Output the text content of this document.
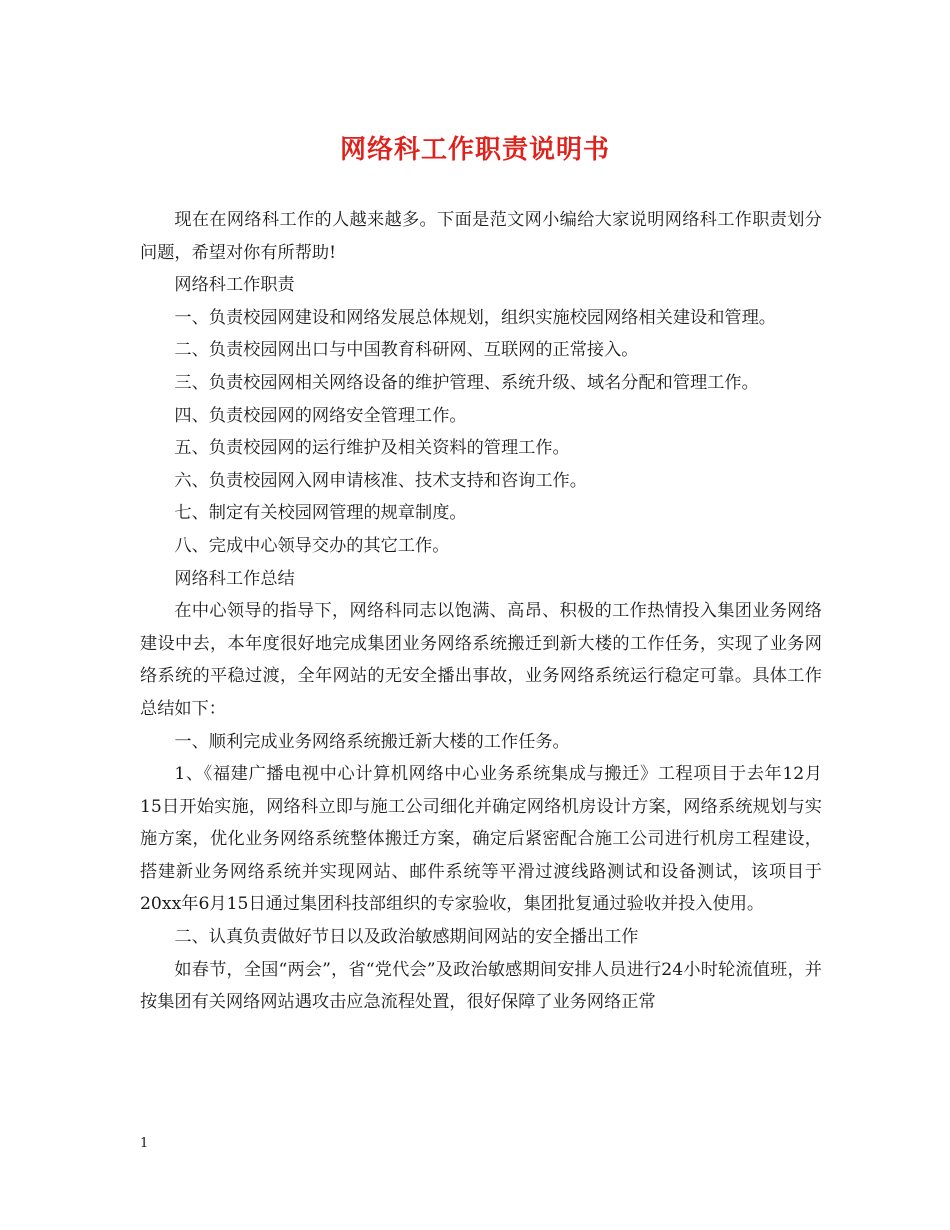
网络科工作职责说明书

现在在网络科工作的人越来越多。下面是范文网小编给大家说明网络科工作职责划分问题，希望对你有所帮助!

网络科工作职责

一、负责校园网建设和网络发展总体规划，组织实施校园网络相关建设和管理。

二、负责校园网出口与中国教育科研网、互联网的正常接入。

三、负责校园网相关网络设备的维护管理、系统升级、域名分配和管理工作。

四、负责校园网的网络安全管理工作。

五、负责校园网的运行维护及相关资料的管理工作。

六、负责校园网入网申请核准、技术支持和咨询工作。

七、制定有关校园网管理的规章制度。

八、完成中心领导交办的其它工作。

网络科工作总结

在中心领导的指导下，网络科同志以饱满、高昂、积极的工作热情投入集团业务网络建设中去，本年度很好地完成集团业务网络系统搬迁到新大楼的工作任务，实现了业务网络系统的平稳过渡，全年网站的无安全播出事故，业务网络系统运行稳定可靠。具体工作总结如下：

一、顺利完成业务网络系统搬迁新大楼的工作任务。

1、《福建广播电视中心计算机网络中心业务系统集成与搬迁》工程项目于去年12月15日开始实施，网络科立即与施工公司细化并确定网络机房设计方案，网络系统规划与实施方案，优化业务网络系统整体搬迁方案，确定后紧密配合施工公司进行机房工程建设，搭建新业务网络系统并实现网站、邮件系统等平滑过渡线路测试和设备测试，该项目于20xx年6月15日通过集团科技部组织的专家验收，集团批复通过验收并投入使用。

二、认真负责做好节日以及政治敏感期间网站的安全播出工作

如春节，全国“两会”，省“党代会”及政治敏感期间安排人员进行24小时轮流值班，并按集团有关网络网站遇攻击应急流程处置，很好保障了业务网络正常

1
